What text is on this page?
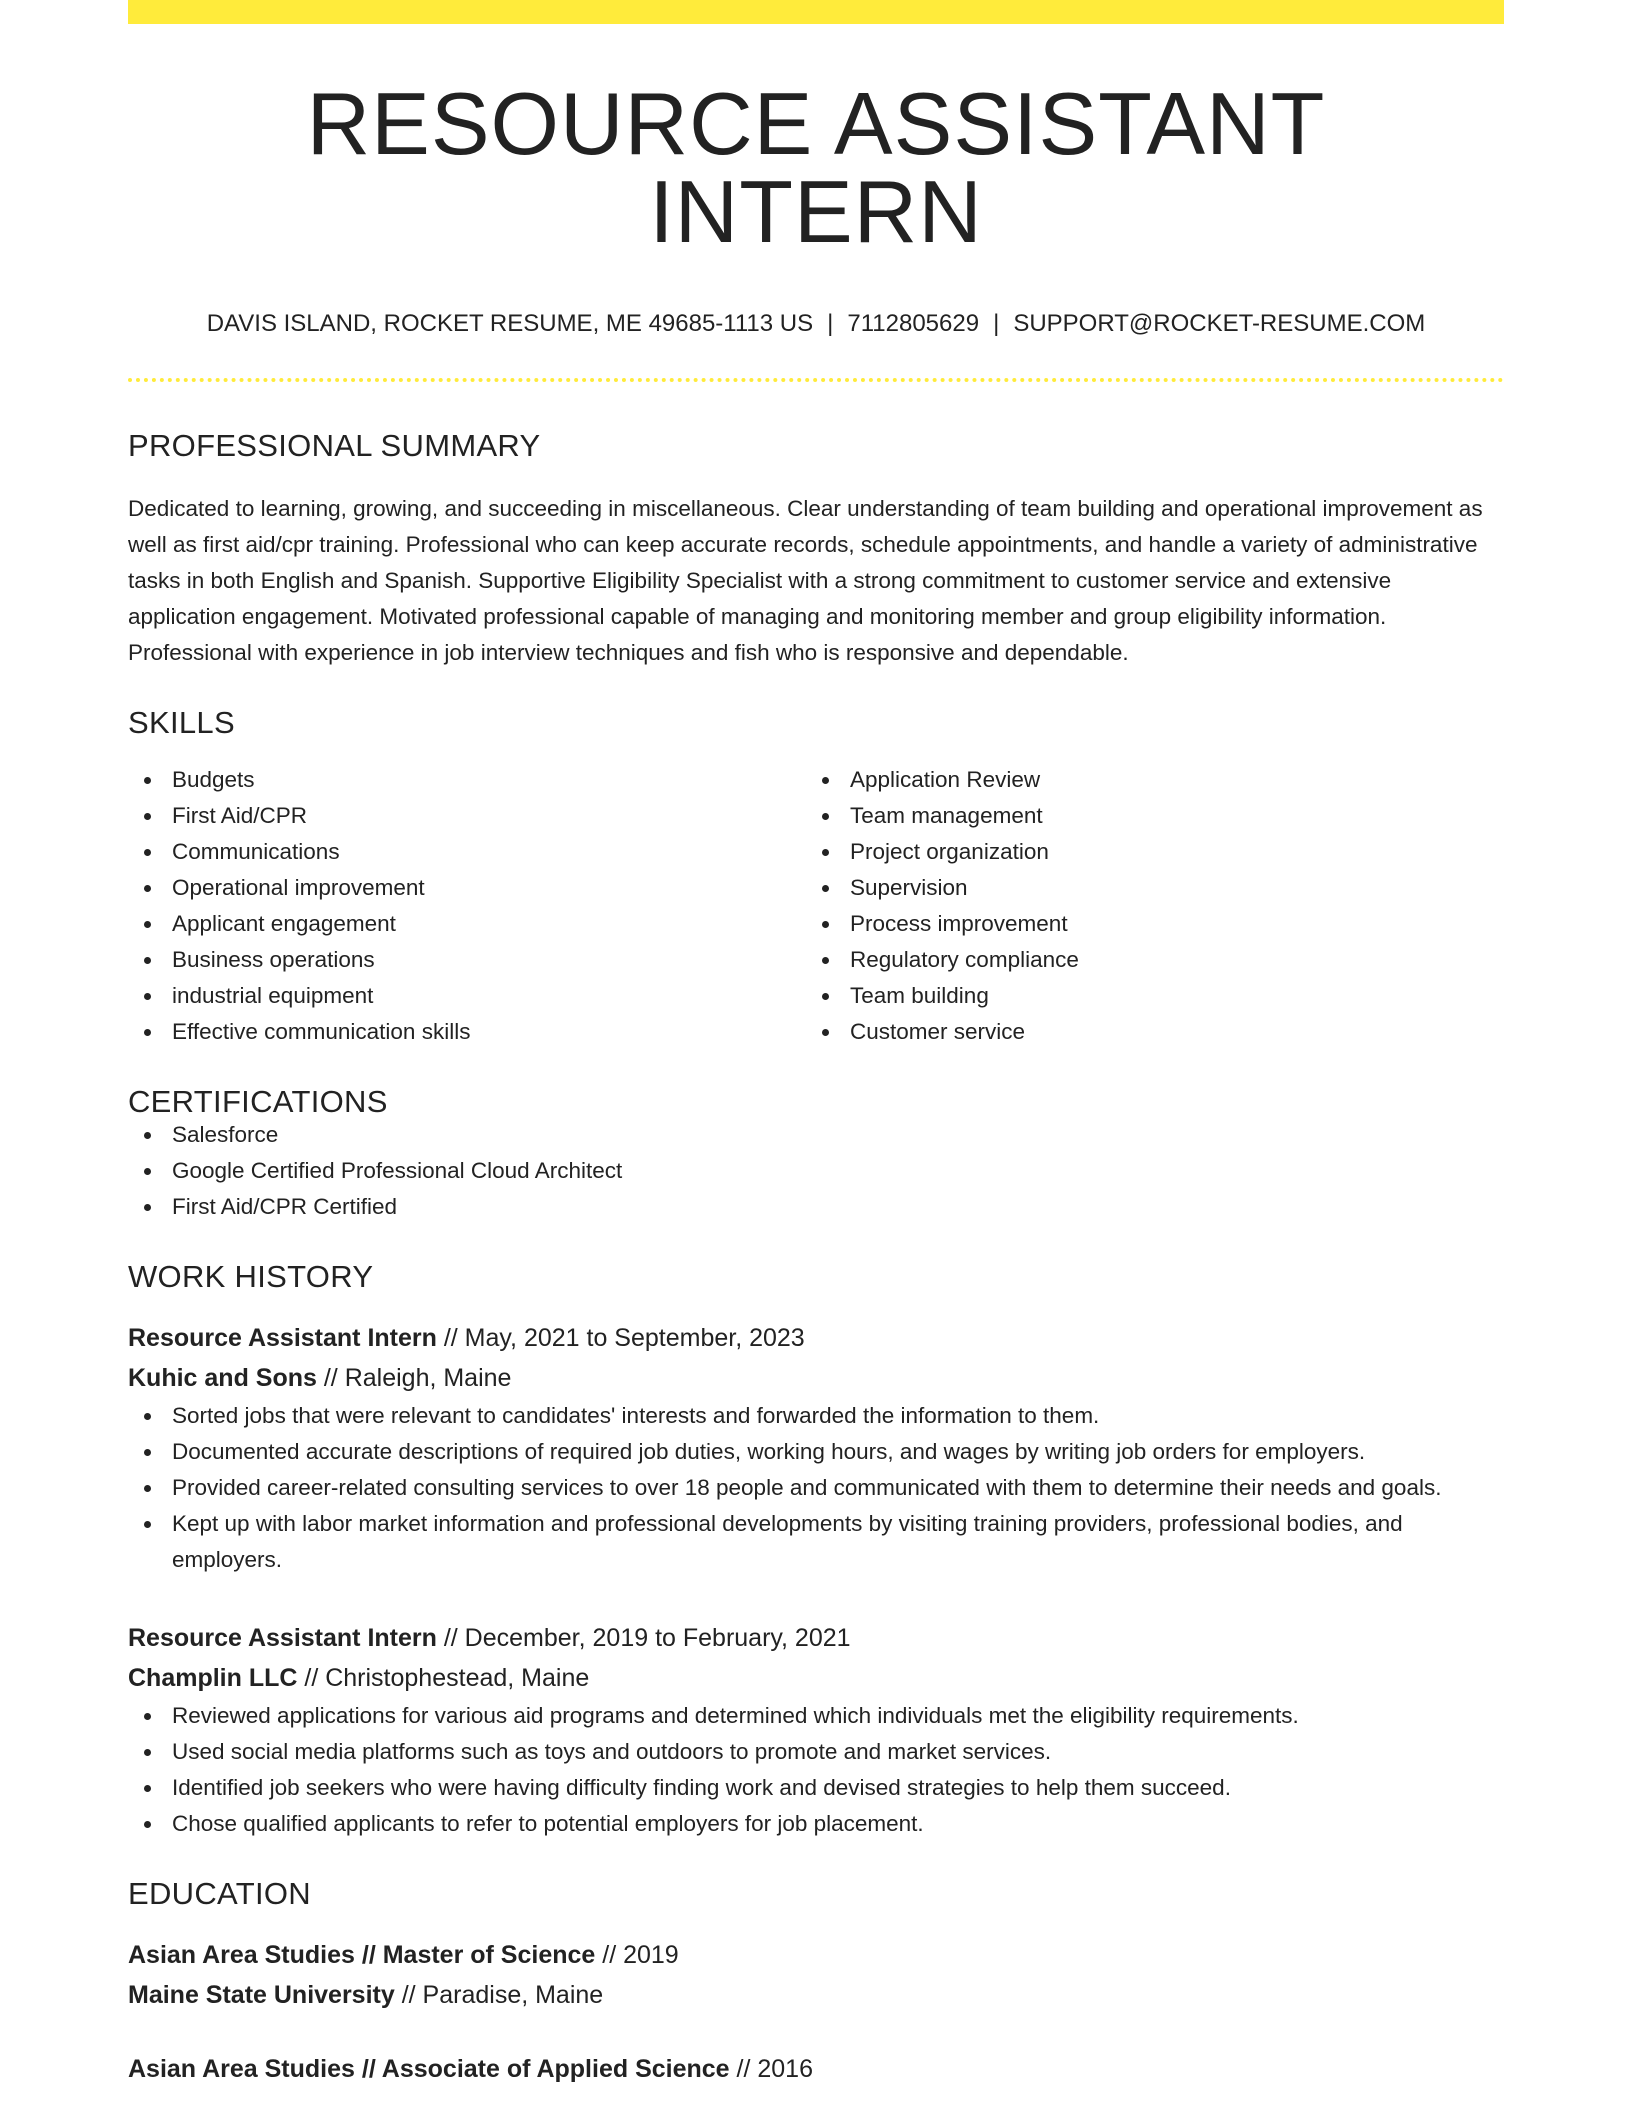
RESOURCE ASSISTANT INTERN
DAVIS ISLAND, ROCKET RESUME, ME 49685-1113 US | 7112805629 | SUPPORT@ROCKET-RESUME.COM
PROFESSIONAL SUMMARY

Dedicated to learning, growing, and succeeding in miscellaneous. Clear understanding of team building and operational improvement as well as first aid/cpr training. Professional who can keep accurate records, schedule appointments, and handle a variety of administrative tasks in both English and Spanish. Supportive Eligibility Specialist with a strong commitment to customer service and extensive application engagement. Motivated professional capable of managing and monitoring member and group eligibility information. Professional with experience in job interview techniques and fish who is responsive and dependable.

SKILLS
Budgets
First Aid/CPR
Communications
Operational improvement
Applicant engagement
Business operations
industrial equipment
Effective communication skills
Application Review
Team management
Project organization
Supervision
Process improvement
Regulatory compliance
Team building
Customer service
CERTIFICATIONS
Salesforce
Google Certified Professional Cloud Architect
First Aid/CPR Certified
WORK HISTORY
Resource Assistant Intern // May, 2021 to September, 2023
Kuhic and Sons // Raleigh, Maine
Sorted jobs that were relevant to candidates' interests and forwarded the information to them.
Documented accurate descriptions of required job duties, working hours, and wages by writing job orders for employers.
Provided career-related consulting services to over 18 people and communicated with them to determine their needs and goals.
Kept up with labor market information and professional developments by visiting training providers, professional bodies, and employers.
Resource Assistant Intern // December, 2019 to February, 2021
Champlin LLC // Christophestead, Maine
Reviewed applications for various aid programs and determined which individuals met the eligibility requirements.
Used social media platforms such as toys and outdoors to promote and market services.
Identified job seekers who were having difficulty finding work and devised strategies to help them succeed.
Chose qualified applicants to refer to potential employers for job placement.
EDUCATION
Asian Area Studies // Master of Science // 2019
Maine State University // Paradise, Maine
Asian Area Studies // Associate of Applied Science // 2016
